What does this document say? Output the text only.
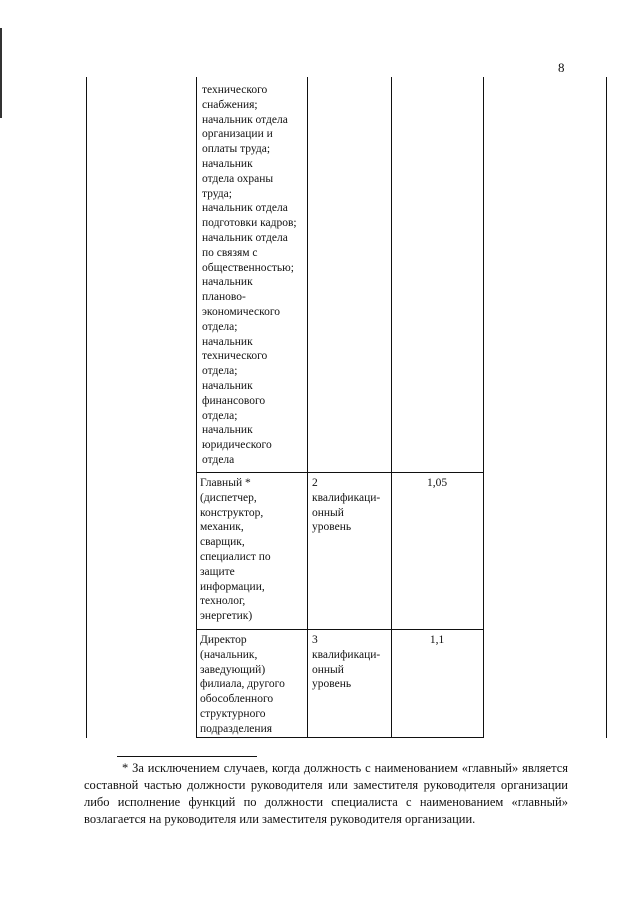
8
технического
снабжения;
начальник отдела
организации и
оплаты труда;
начальник
отдела охраны
труда;
начальник отдела
подготовки кадров;
начальник отдела
по связям с
общественностью;
начальник
планово-
экономического
отдела;
начальник
технического
отдела;
начальник
финансового
отдела;
начальник
юридического
отдела
Главный *
(диспетчер,
конструктор,
механик,
сварщик,
специалист по
защите
информации,
технолог,
энергетик)
2
квалификаци-
онный
уровень
1,05
Директор
(начальник,
заведующий)
филиала, другого
обособленного
структурного
подразделения
3
квалификаци-
онный
уровень
1,1
* За исключением случаев, когда должность с наименованием «главный» является составной частью должности руководителя или заместителя руководителя организации либо исполнение функций по должности специалиста с наименованием «главный» возлагается на руководителя или заместителя руководителя организации.
